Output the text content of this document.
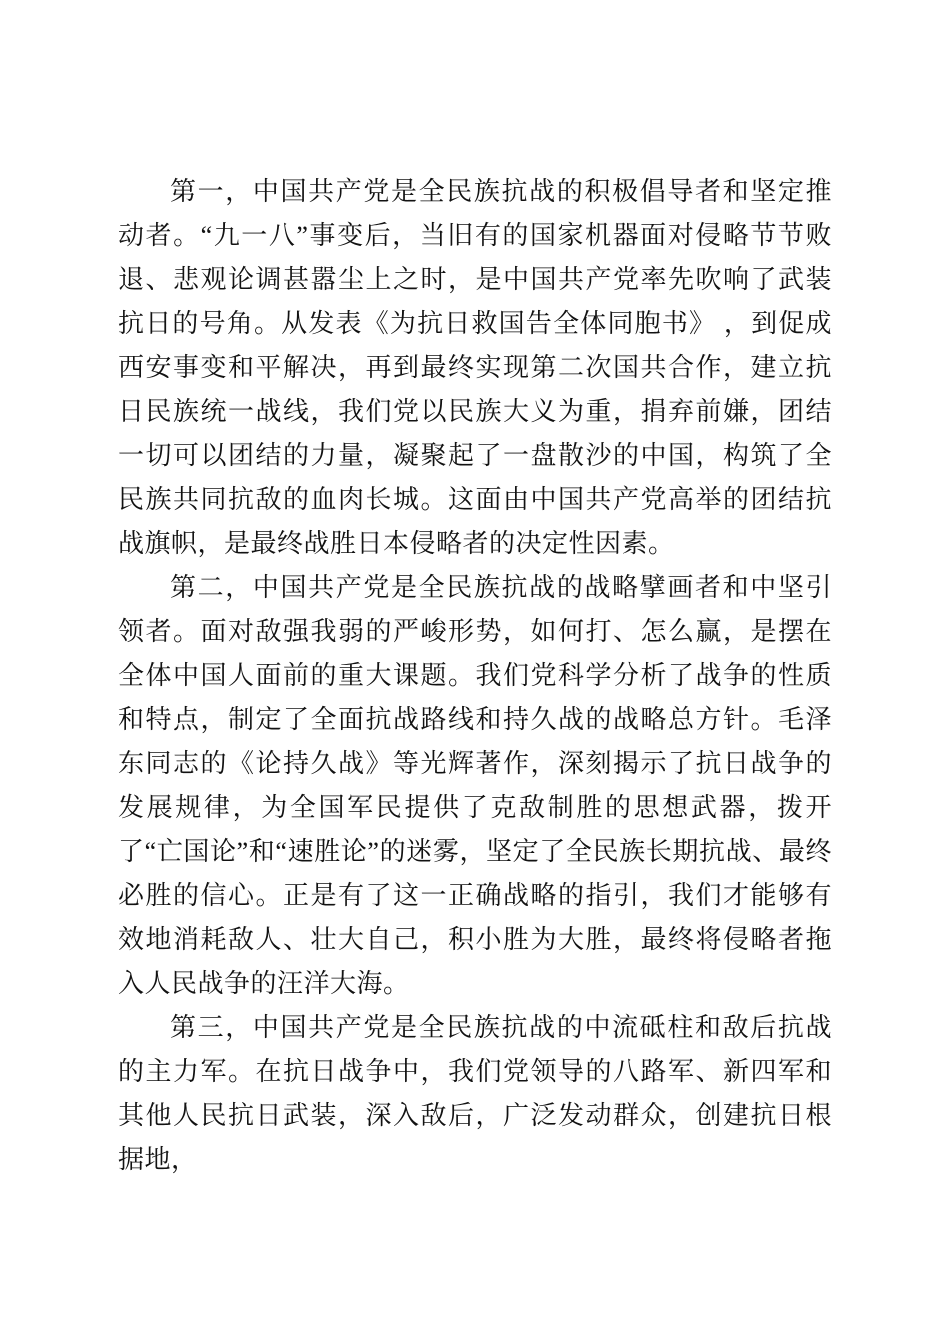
第一，中国共产党是全民族抗战的积极倡导者和坚定推动者。“九一八”事变后，当旧有的国家机器面对侵略节节败退、悲观论调甚嚣尘上之时，是中国共产党率先吹响了武装抗日的号角。从发表《为抗日救国告全体同胞书》 ，到促成西安事变和平解决，再到最终实现第二次国共合作，建立抗日民族统一战线，我们党以民族大义为重，捐弃前嫌，团结一切可以团结的力量，凝聚起了一盘散沙的中国，构筑了全民族共同抗敌的血肉长城。这面由中国共产党高举的团结抗战旗帜，是最终战胜日本侵略者的决定性因素。

第二，中国共产党是全民族抗战的战略擘画者和中坚引领者。面对敌强我弱的严峻形势，如何打、怎么赢，是摆在全体中国人面前的重大课题。我们党科学分析了战争的性质和特点，制定了全面抗战路线和持久战的战略总方针。毛泽东同志的《论持久战》等光辉著作，深刻揭示了抗日战争的发展规律，为全国军民提供了克敌制胜的思想武器，拨开了“亡国论”和“速胜论”的迷雾，坚定了全民族长期抗战、最终必胜的信心。正是有了这一正确战略的指引，我们才能够有效地消耗敌人、壮大自己，积小胜为大胜，最终将侵略者拖入人民战争的汪洋大海。

第三，中国共产党是全民族抗战的中流砥柱和敌后抗战的主力军。在抗日战争中，我们党领导的八路军、新四军和其他人民抗日武装，深入敌后，广泛发动群众，创建抗日根据地，
